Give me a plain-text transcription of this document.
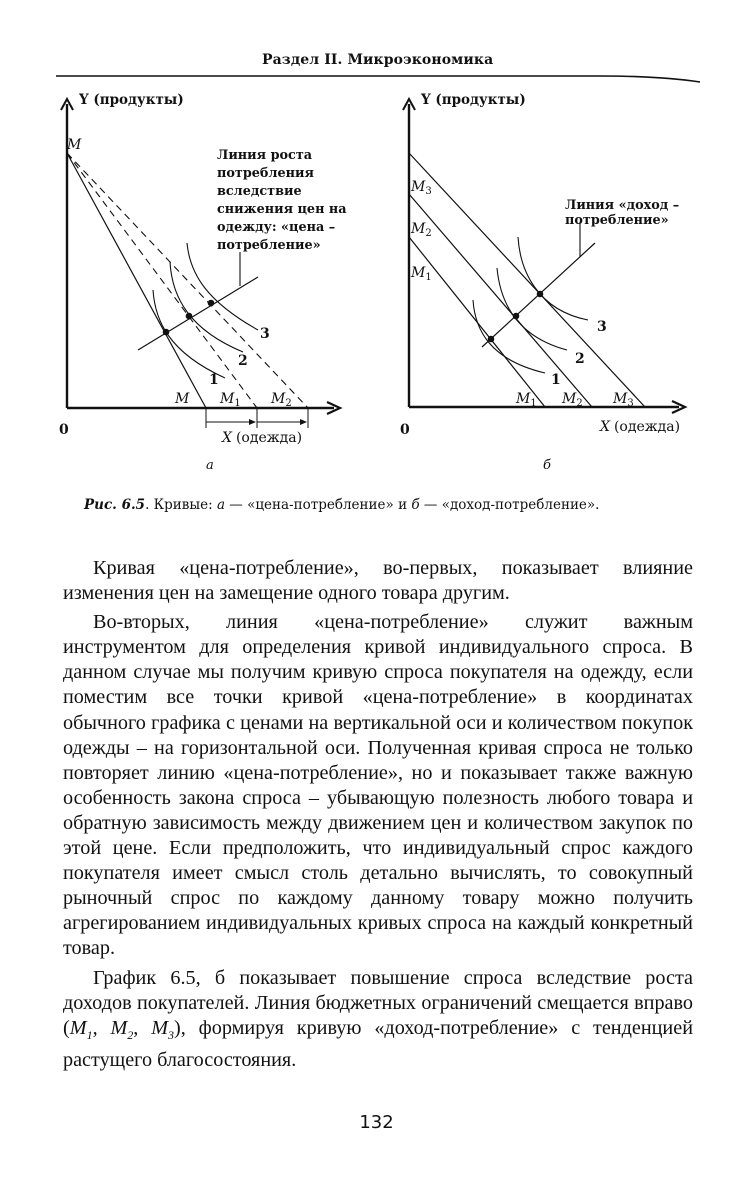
Раздел II. Микроэкономика
Y (продукты)
M
0	X (одежда)
M $M_1$ $M_2$
1
2
3
Линия роста
потребления
вследствие
снижения цен на
одежду: «цена –
потребление»
а
Y (продукты)
$M_3$
$M_2$
$M_1$
0	X (одежда)
$M_1$ $M_2$ $M_3$
1
2
3
Линия «доход –
потребление»
б
Рис. 6.5. Кривые: а — «цена-потребление» и б — «доход-потребление».

Кривая «цена-потребление», во-первых, показывает влияние изменения цен на замещение одного товара другим.

Во-вторых, линия «цена-потребление» служит важным инструментом для определения кривой индивидуального спроса. В данном случае мы получим кривую спроса покупателя на одежду, если поместим все точки кривой «цена-потребление» в координатах обычного графика с ценами на вертикальной оси и количеством покупок одежды – на горизонтальной оси. Полученная кривая спроса не только повторяет линию «цена-потребление», но и показывает также важную особенность закона спроса – убывающую полезность любого товара и обратную зависимость между движением цен и количеством закупок по этой цене. Если предположить, что индивидуальный спрос каждого покупателя имеет смысл столь детально вычислять, то совокупный рыночный спрос по каждому данному товару можно получить агрегированием индивидуальных кривых спроса на каждый конкретный товар.

График 6.5, б показывает повышение спроса вследствие роста доходов покупателей. Линия бюджетных ограничений смещается вправо ($M_1$, $M_2$, $M_3$), формируя кривую «доход-потребление» с тенденцией растущего благосостояния.

132
